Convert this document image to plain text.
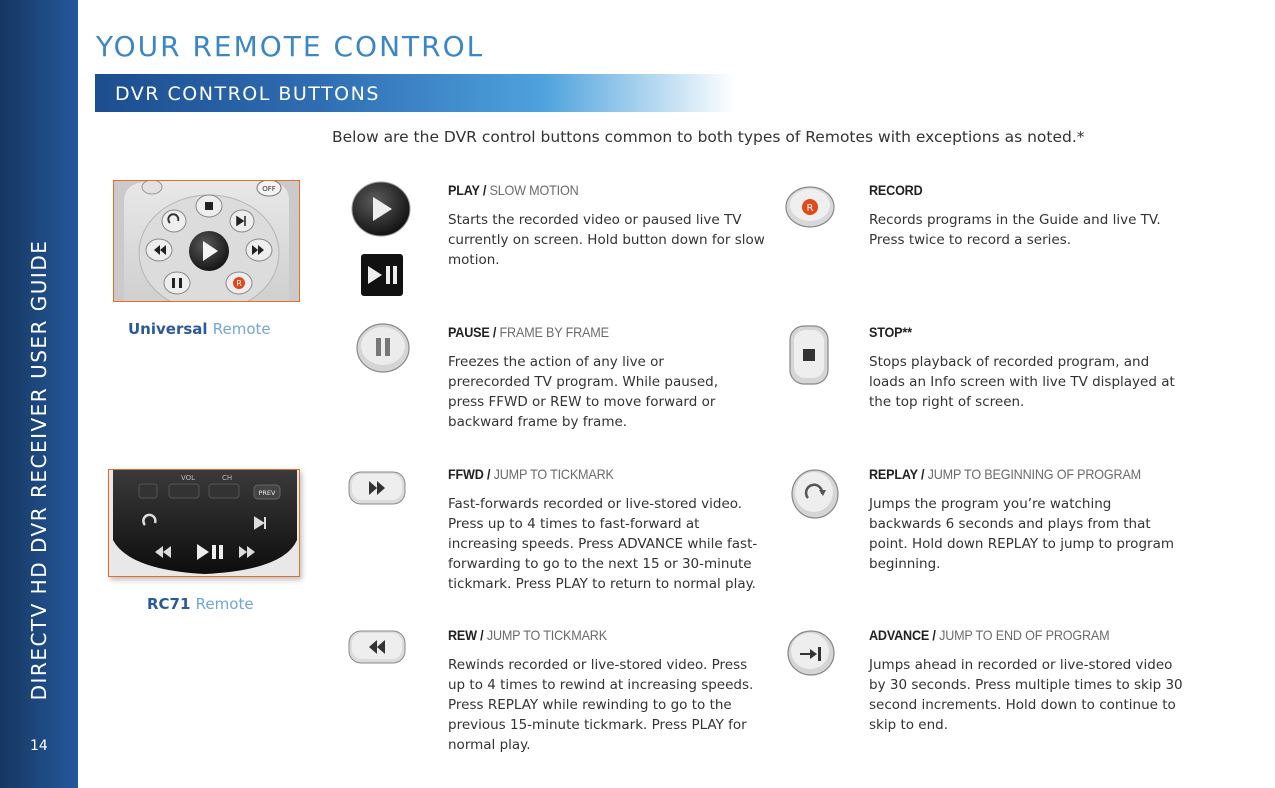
DIRECTV HD DVR RECEIVER USER GUIDE
14
YOUR REMOTE CONTROL
DVR CONTROL BUTTONS
Below are the DVR control buttons common to both types of Remotes with exceptions as noted.*
OFF
R
Universal Remote
VOL	CH
PREV
RC71 Remote
R
PLAY / SLOW MOTION
Starts the recorded video or paused live TV currently on screen. Hold button down for slow motion.
RECORD
Records programs in the Guide and live TV. Press twice to record a series.
PAUSE / FRAME BY FRAME
Freezes the action of any live or prerecorded TV program. While paused, press FFWD or REW to move forward or backward frame by frame.
STOP**
Stops playback of recorded program, and loads an Info screen with live TV displayed at the top right of screen.
FFWD / JUMP TO TICKMARK
Fast-forwards recorded or live-stored video. Press up to 4 times to fast-forward at increasing speeds. Press ADVANCE while fast-forwarding to go to the next 15 or 30-minute tickmark. Press PLAY to return to normal play.
REPLAY / JUMP TO BEGINNING OF PROGRAM
Jumps the program you’re watching backwards 6 seconds and plays from that point. Hold down REPLAY to jump to program beginning.
REW / JUMP TO TICKMARK
Rewinds recorded or live-stored video. Press up to 4 times to rewind at increasing speeds. Press REPLAY while rewinding to go to the previous 15-minute tickmark. Press PLAY for normal play.
ADVANCE / JUMP TO END OF PROGRAM
Jumps ahead in recorded or live-stored video by 30 seconds. Press multiple times to skip 30 second increments. Hold down to continue to skip to end.
